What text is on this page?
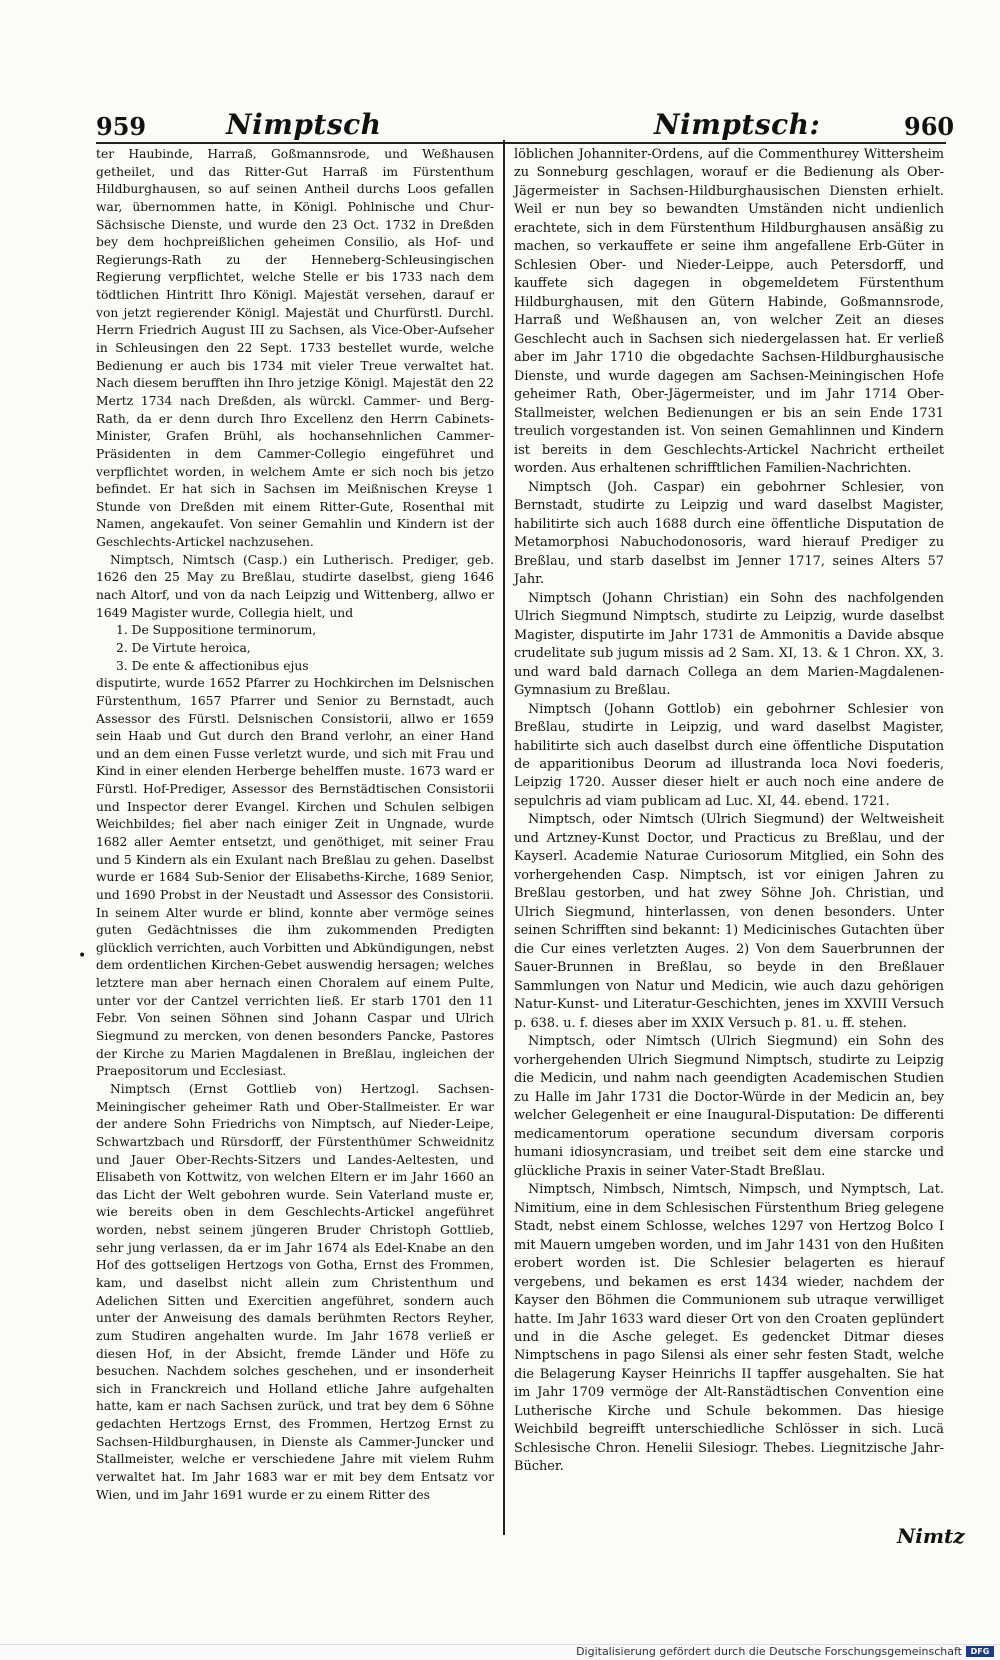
959	Nimptsch	Nimptsch:	960

ter Haubinde, Harraß, Goßmannsrode, und Weßhausen getheilet, und das Ritter-Gut Harraß im Fürstenthum Hildburghausen, so auf seinen Antheil durchs Loos gefallen war, übernommen hatte, in Königl. Pohlnische und Chur-Sächsische Dienste, und wurde den 23 Oct. 1732 in Dreßden bey dem hochpreißlichen geheimen Consilio, als Hof- und Regierungs-Rath zu der Henneberg-Schleusingischen Regierung verpflichtet, welche Stelle er bis 1733 nach dem tödtlichen Hintritt Ihro Königl. Majestät versehen, darauf er von jetzt regierender Königl. Majestät und Churfürstl. Durchl. Herrn Friedrich August III zu Sachsen, als Vice-Ober-Aufseher in Schleusingen den 22 Sept. 1733 bestellet wurde, welche Bedienung er auch bis 1734 mit vieler Treue verwaltet hat. Nach diesem berufften ihn Ihro jetzige Königl. Majestät den 22 Mertz 1734 nach Dreßden, als würckl. Cammer- und Berg-Rath, da er denn durch Ihro Excellenz den Herrn Cabinets-Minister, Grafen Brühl, als hochansehnlichen Cammer-Präsidenten in dem Cammer-Collegio eingeführet und verpflichtet worden, in welchem Amte er sich noch bis jetzo befindet. Er hat sich in Sachsen im Meißnischen Kreyse 1 Stunde von Dreßden mit einem Ritter-Gute, Rosenthal mit Namen, angekaufet. Von seiner Gemahlin und Kindern ist der Geschlechts-Artickel nachzusehen.

Nimptsch, Nimtsch (Casp.) ein Lutherisch. Prediger, geb. 1626 den 25 May zu Breßlau, studirte daselbst, gieng 1646 nach Altorf, und von da nach Leipzig und Wittenberg, allwo er 1649 Magister wurde, Collegia hielt, und

1. De Suppositione terminorum,

2. De Virtute heroica,

3. De ente & affectionibus ejus

disputirte, wurde 1652 Pfarrer zu Hochkirchen im Delsnischen Fürstenthum, 1657 Pfarrer und Senior zu Bernstadt, auch Assessor des Fürstl. Delsnischen Consistorii, allwo er 1659 sein Haab und Gut durch den Brand verlohr, an einer Hand und an dem einen Fusse verletzt wurde, und sich mit Frau und Kind in einer elenden Herberge behelffen muste. 1673 ward er Fürstl. Hof-Prediger, Assessor des Bernstädtischen Consistorii und Inspector derer Evangel. Kirchen und Schulen selbigen Weichbildes; fiel aber nach einiger Zeit in Ungnade, wurde 1682 aller Aemter entsetzt, und genöthiget, mit seiner Frau und 5 Kindern als ein Exulant nach Breßlau zu gehen. Daselbst wurde er 1684 Sub-Senior der Elisabeths-Kirche, 1689 Senior, und 1690 Probst in der Neustadt und Assessor des Consistorii. In seinem Alter wurde er blind, konnte aber vermöge seines guten Gedächtnisses die ihm zukommenden Predigten glücklich verrichten, auch Vorbitten und Abkündigungen, nebst dem ordentlichen Kirchen-Gebet auswendig hersagen; welches letztere man aber hernach einen Choralem auf einem Pulte, unter vor der Cantzel verrichten ließ. Er starb 1701 den 11 Febr. Von seinen Söhnen sind Johann Caspar und Ulrich Siegmund zu mercken, von denen besonders Pancke, Pastores der Kirche zu Marien Magdalenen in Breßlau, ingleichen der Praepositorum und Ecclesiast.

Nimptsch (Ernst Gottlieb von) Hertzogl. Sachsen-Meiningischer geheimer Rath und Ober-Stallmeister. Er war der andere Sohn Friedrichs von Nimptsch, auf Nieder-Leipe, Schwartzbach und Rürsdorff, der Fürstenthümer Schweidnitz und Jauer Ober-Rechts-Sitzers und Landes-Aeltesten, und Elisabeth von Kottwitz, von welchen Eltern er im Jahr 1660 an das Licht der Welt gebohren wurde. Sein Vaterland muste er, wie bereits oben in dem Geschlechts-Artickel angeführet worden, nebst seinem jüngeren Bruder Christoph Gottlieb, sehr jung verlassen, da er im Jahr 1674 als Edel-Knabe an den Hof des gottseligen Hertzogs von Gotha, Ernst des Frommen, kam, und daselbst nicht allein zum Christenthum und Adelichen Sitten und Exercitien angeführet, sondern auch unter der Anweisung des damals berühmten Rectors Reyher, zum Studiren angehalten wurde. Im Jahr 1678 verließ er diesen Hof, in der Absicht, fremde Länder und Höfe zu besuchen. Nachdem solches geschehen, und er insonderheit sich in Franckreich und Holland etliche Jahre aufgehalten hatte, kam er nach Sachsen zurück, und trat bey dem 6 Söhne gedachten Hertzogs Ernst, des Frommen, Hertzog Ernst zu Sachsen-Hildburghausen, in Dienste als Cammer-Juncker und Stallmeister, welche er verschiedene Jahre mit vielem Ruhm verwaltet hat. Im Jahr 1683 war er mit bey dem Entsatz vor Wien, und im Jahr 1691 wurde er zu einem Ritter des

löblichen Johanniter-Ordens, auf die Commenthurey Wittersheim zu Sonneburg geschlagen, worauf er die Bedienung als Ober-Jägermeister in Sachsen-Hildburghausischen Diensten erhielt. Weil er nun bey so bewandten Umständen nicht undienlich erachtete, sich in dem Fürstenthum Hildburghausen ansäßig zu machen, so verkauffete er seine ihm angefallene Erb-Güter in Schlesien Ober- und Nieder-Leippe, auch Petersdorff, und kauffete sich dagegen in obgemeldetem Fürstenthum Hildburghausen, mit den Gütern Habinde, Goßmannsrode, Harraß und Weßhausen an, von welcher Zeit an dieses Geschlecht auch in Sachsen sich niedergelassen hat. Er verließ aber im Jahr 1710 die obgedachte Sachsen-Hildburghausische Dienste, und wurde dagegen am Sachsen-Meiningischen Hofe geheimer Rath, Ober-Jägermeister, und im Jahr 1714 Ober-Stallmeister, welchen Bedienungen er bis an sein Ende 1731 treulich vorgestanden ist. Von seinen Gemahlinnen und Kindern ist bereits in dem Geschlechts-Artickel Nachricht ertheilet worden. Aus erhaltenen schrifftlichen Familien-Nachrichten.

Nimptsch (Joh. Caspar) ein gebohrner Schlesier, von Bernstadt, studirte zu Leipzig und ward daselbst Magister, habilitirte sich auch 1688 durch eine öffentliche Disputation de Metamorphosi Nabuchodonosoris, ward hierauf Prediger zu Breßlau, und starb daselbst im Jenner 1717, seines Alters 57 Jahr.

Nimptsch (Johann Christian) ein Sohn des nachfolgenden Ulrich Siegmund Nimptsch, studirte zu Leipzig, wurde daselbst Magister, disputirte im Jahr 1731 de Ammonitis a Davide absque crudelitate sub jugum missis ad 2 Sam. XI, 13. & 1 Chron. XX, 3. und ward bald darnach Collega an dem Marien-Magdalenen-Gymnasium zu Breßlau.

Nimptsch (Johann Gottlob) ein gebohrner Schlesier von Breßlau, studirte in Leipzig, und ward daselbst Magister, habilitirte sich auch daselbst durch eine öffentliche Disputation de apparitionibus Deorum ad illustranda loca Novi foederis, Leipzig 1720. Ausser dieser hielt er auch noch eine andere de sepulchris ad viam publicam ad Luc. XI, 44. ebend. 1721.

Nimptsch, oder Nimtsch (Ulrich Siegmund) der Weltweisheit und Artzney-Kunst Doctor, und Practicus zu Breßlau, und der Kayserl. Academie Naturae Curiosorum Mitglied, ein Sohn des vorhergehenden Casp. Nimptsch, ist vor einigen Jahren zu Breßlau gestorben, und hat zwey Söhne Joh. Christian, und Ulrich Siegmund, hinterlassen, von denen besonders. Unter seinen Schrifften sind bekannt: 1) Medicinisches Gutachten über die Cur eines verletzten Auges. 2) Von dem Sauerbrunnen der Sauer-Brunnen in Breßlau, so beyde in den Breßlauer Sammlungen von Natur und Medicin, wie auch dazu gehörigen Natur-Kunst- und Literatur-Geschichten, jenes im XXVIII Versuch p. 638. u. f. dieses aber im XXIX Versuch p. 81. u. ff. stehen.

Nimptsch, oder Nimtsch (Ulrich Siegmund) ein Sohn des vorhergehenden Ulrich Siegmund Nimptsch, studirte zu Leipzig die Medicin, und nahm nach geendigten Academischen Studien zu Halle im Jahr 1731 die Doctor-Würde in der Medicin an, bey welcher Gelegenheit er eine Inaugural-Disputation: De differenti medicamentorum operatione secundum diversam corporis humani idiosyncrasiam, und treibet seit dem eine starcke und glückliche Praxis in seiner Vater-Stadt Breßlau.

Nimptsch, Nimbsch, Nimtsch, Nimpsch, und Nymptsch, Lat. Nimitium, eine in dem Schlesischen Fürstenthum Brieg gelegene Stadt, nebst einem Schlosse, welches 1297 von Hertzog Bolco I mit Mauern umgeben worden, und im Jahr 1431 von den Hußiten erobert worden ist. Die Schlesier belagerten es hierauf vergebens, und bekamen es erst 1434 wieder, nachdem der Kayser den Böhmen die Communionem sub utraque verwilliget hatte. Im Jahr 1633 ward dieser Ort von den Croaten geplündert und in die Asche geleget. Es gedencket Ditmar dieses Nimptschens in pago Silensi als einer sehr festen Stadt, welche die Belagerung Kayser Heinrichs II tapffer ausgehalten. Sie hat im Jahr 1709 vermöge der Alt-Ranstädtischen Convention eine Lutherische Kirche und Schule bekommen. Das hiesige Weichbild begreifft unterschiedliche Schlösser in sich. Lucä Schlesische Chron. Henelii Silesiogr. Thebes. Liegnitzische Jahr-Bücher.

•
Nimtz
Digitalisierung gefördert durch die Deutsche Forschungsgemeinschaft	DFG
